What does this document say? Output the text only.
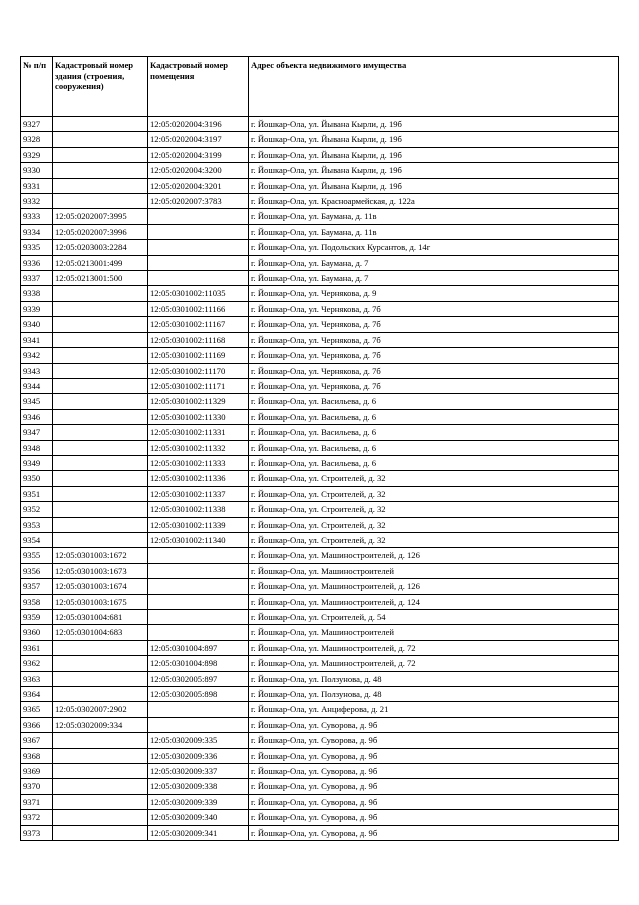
№ п/п	Кадастровый номер здания (строения, сооружения)	Кадастровый номер помещения	Адрес объекта недвижимого имущества
9327		12:05:0202004:3196	г. Йошкар-Ола, ул. Йывана Кырли, д. 19б
9328		12:05:0202004:3197	г. Йошкар-Ола, ул. Йывана Кырли, д. 19б
9329		12:05:0202004:3199	г. Йошкар-Ола, ул. Йывана Кырли, д. 19б
9330		12:05:0202004:3200	г. Йошкар-Ола, ул. Йывана Кырли, д. 19б
9331		12:05:0202004:3201	г. Йошкар-Ола, ул. Йывана Кырли, д. 19б
9332		12:05:0202007:3783	г. Йошкар-Ола, ул. Красноармейская, д. 122а
9333	12:05:0202007:3995		г. Йошкар-Ола, ул. Баумана, д. 11в
9334	12:05:0202007:3996		г. Йошкар-Ола, ул. Баумана, д. 11в
9335	12:05:0203003:2284		г. Йошкар-Ола, ул. Подольских Курсантов, д. 14г
9336	12:05:0213001:499		г. Йошкар-Ола, ул. Баумана, д. 7
9337	12:05:0213001:500		г. Йошкар-Ола, ул. Баумана, д. 7
9338		12:05:0301002:11035	г. Йошкар-Ола, ул. Чернякова, д. 9
9339		12:05:0301002:11166	г. Йошкар-Ола, ул. Чернякова, д. 7б
9340		12:05:0301002:11167	г. Йошкар-Ола, ул. Чернякова, д. 7б
9341		12:05:0301002:11168	г. Йошкар-Ола, ул. Чернякова, д. 7б
9342		12:05:0301002:11169	г. Йошкар-Ола, ул. Чернякова, д. 7б
9343		12:05:0301002:11170	г. Йошкар-Ола, ул. Чернякова, д. 7б
9344		12:05:0301002:11171	г. Йошкар-Ола, ул. Чернякова, д. 7б
9345		12:05:0301002:11329	г. Йошкар-Ола, ул. Васильева, д. 6
9346		12:05:0301002:11330	г. Йошкар-Ола, ул. Васильева, д. 6
9347		12:05:0301002:11331	г. Йошкар-Ола, ул. Васильева, д. 6
9348		12:05:0301002:11332	г. Йошкар-Ола, ул. Васильева, д. 6
9349		12:05:0301002:11333	г. Йошкар-Ола, ул. Васильева, д. 6
9350		12:05:0301002:11336	г. Йошкар-Ола, ул. Строителей, д. 32
9351		12:05:0301002:11337	г. Йошкар-Ола, ул. Строителей, д. 32
9352		12:05:0301002:11338	г. Йошкар-Ола, ул. Строителей, д. 32
9353		12:05:0301002:11339	г. Йошкар-Ола, ул. Строителей, д. 32
9354		12:05:0301002:11340	г. Йошкар-Ола, ул. Строителей, д. 32
9355	12:05:0301003:1672		г. Йошкар-Ола, ул. Машиностроителей, д. 126
9356	12:05:0301003:1673		г. Йошкар-Ола, ул. Машиностроителей
9357	12:05:0301003:1674		г. Йошкар-Ола, ул. Машиностроителей, д. 126
9358	12:05:0301003:1675		г. Йошкар-Ола, ул. Машиностроителей, д. 124
9359	12:05:0301004:681		г. Йошкар-Ола, ул. Строителей, д. 54
9360	12:05:0301004:683		г. Йошкар-Ола, ул. Машиностроителей
9361		12:05:0301004:897	г. Йошкар-Ола, ул. Машиностроителей, д. 72
9362		12:05:0301004:898	г. Йошкар-Ола, ул. Машиностроителей, д. 72
9363		12:05:0302005:897	г. Йошкар-Ола, ул. Ползунова, д. 48
9364		12:05:0302005:898	г. Йошкар-Ола, ул. Ползунова, д. 48
9365	12:05:0302007:2902		г. Йошкар-Ола, ул. Анциферова, д. 21
9366	12:05:0302009:334		г. Йошкар-Ола, ул. Суворова, д. 9б
9367		12:05:0302009:335	г. Йошкар-Ола, ул. Суворова, д. 9б
9368		12:05:0302009:336	г. Йошкар-Ола, ул. Суворова, д. 9б
9369		12:05:0302009:337	г. Йошкар-Ола, ул. Суворова, д. 9б
9370		12:05:0302009:338	г. Йошкар-Ола, ул. Суворова, д. 9б
9371		12:05:0302009:339	г. Йошкар-Ола, ул. Суворова, д. 9б
9372		12:05:0302009:340	г. Йошкар-Ола, ул. Суворова, д. 9б
9373		12:05:0302009:341	г. Йошкар-Ола, ул. Суворова, д. 9б
